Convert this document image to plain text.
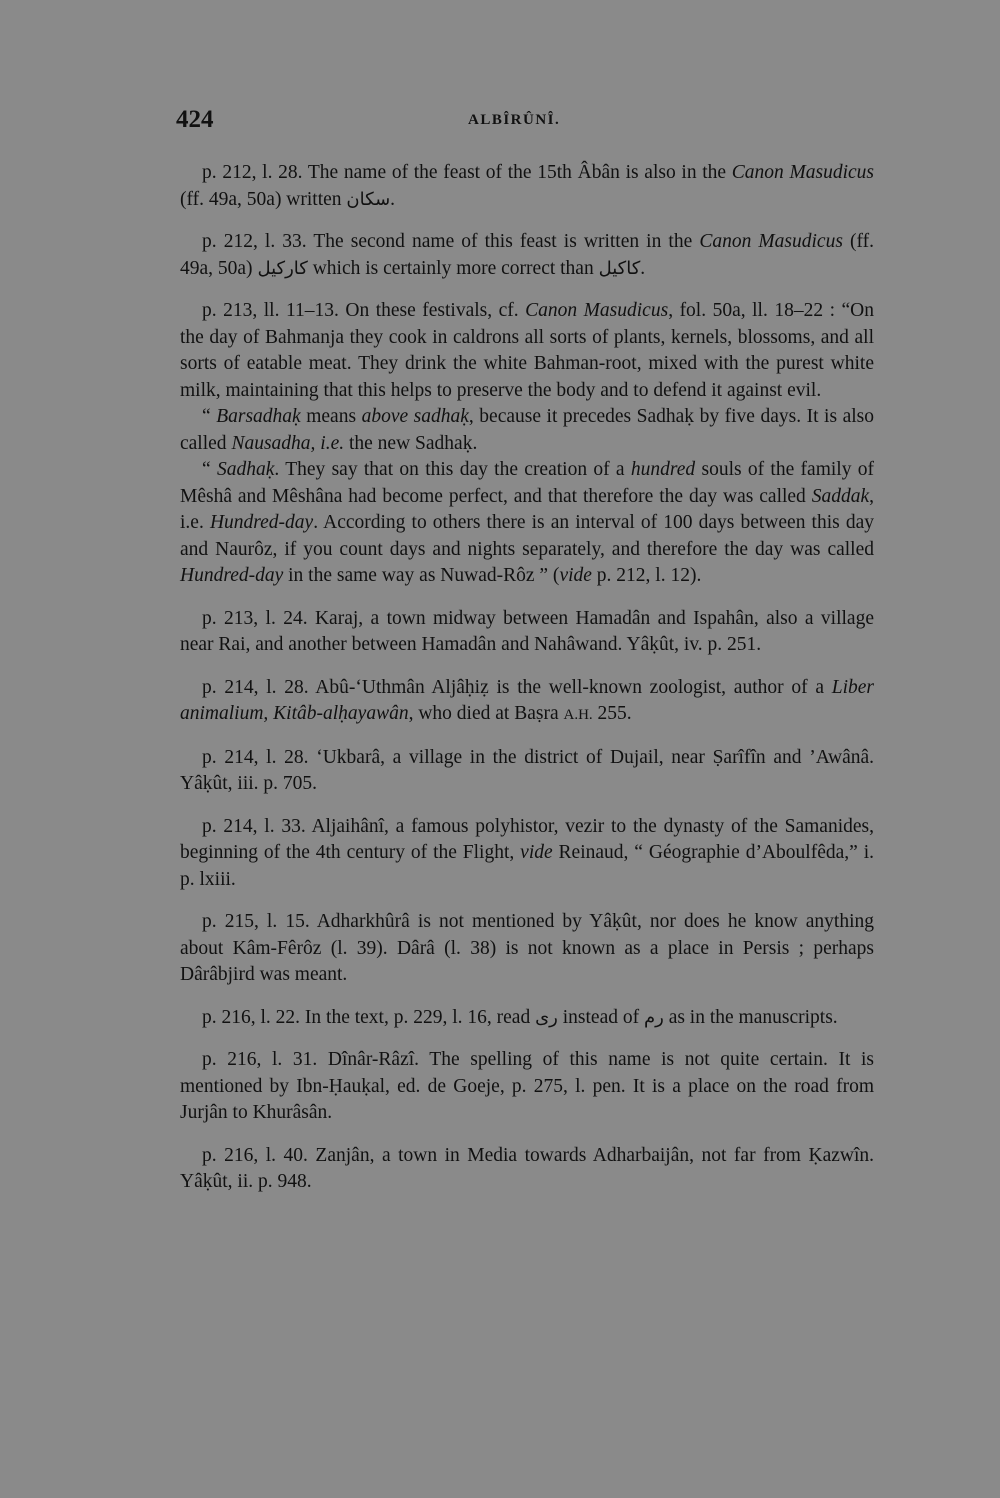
424	ALBÎRÛNÎ.

p. 212, l. 28. The name of the feast of the 15th Âbân is also in the Canon Masudicus (ff. 49a, 50a) written سکان.

p. 212, l. 33. The second name of this feast is written in the Canon Masudicus (ff. 49a, 50a) کارکیل which is certainly more correct than کاکیل.

p. 213, ll. 11–13. On these festivals, cf. Canon Masudicus, fol. 50a, ll. 18–22 : “On the day of Bahmanja they cook in caldrons all sorts of plants, kernels, blossoms, and all sorts of eatable meat. They drink the white Bahman-root, mixed with the purest white milk, maintaining that this helps to preserve the body and to defend it against evil.

“ Barsadhaḳ means above sadhaḳ, because it precedes Sadhaḳ by five days. It is also called Nausadha, i.e. the new Sadhaḳ.

“ Sadhaḳ. They say that on this day the creation of a hundred souls of the family of Mêshâ and Mêshâna had become perfect, and that therefore the day was called Saddak, i.e. Hundred-day. According to others there is an interval of 100 days between this day and Naurôz, if you count days and nights separately, and therefore the day was called Hundred-day in the same way as Nuwad-Rôz ” (vide p. 212, l. 12).

p. 213, l. 24. Karaj, a town midway between Hamadân and Ispahân, also a village near Rai, and another between Hamadân and Nahâwand. Yâḳût, iv. p. 251.

p. 214, l. 28. Abû-‘Uthmân Aljâḥiẓ is the well-known zoologist, author of a Liber animalium, Kitâb-alḥayawân, who died at Baṣra A.H. 255.

p. 214, l. 28. ‘Ukbarâ, a village in the district of Dujail, near Ṣarîfîn and ’Awânâ. Yâḳût, iii. p. 705.

p. 214, l. 33. Aljaihânî, a famous polyhistor, vezir to the dynasty of the Samanides, beginning of the 4th century of the Flight, vide Reinaud, “ Géographie d’Aboulfêda,” i. p. lxiii.

p. 215, l. 15. Adharkhûrâ is not mentioned by Yâḳût, nor does he know anything about Kâm-Fêrôz (l. 39). Dârâ (l. 38) is not known as a place in Persis ; perhaps Dârâbjird was meant.

p. 216, l. 22. In the text, p. 229, l. 16, read ری instead of رم as in the manuscripts.

p. 216, l. 31. Dînâr-Râzî. The spelling of this name is not quite certain. It is mentioned by Ibn-Ḥauḳal, ed. de Goeje, p. 275, l. pen. It is a place on the road from Jurjân to Khurâsân.

p. 216, l. 40. Zanjân, a town in Media towards Adharbaijân, not far from Ḳazwîn. Yâḳût, ii. p. 948.
